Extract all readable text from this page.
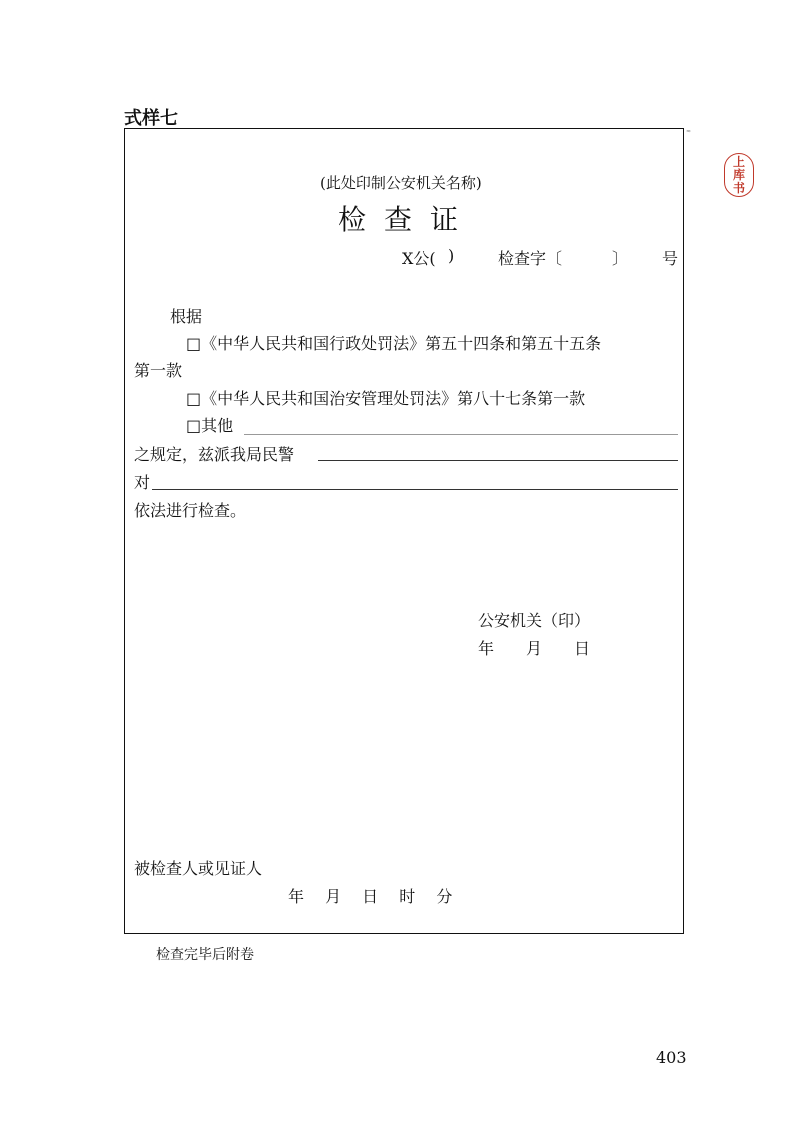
式样七
≈
上
库
书
(此处印制公安机关名称)
检查证
X公( )	检查字〔	〕 号
根据
□《中华人民共和国行政处罚法》第五十四条和第五十五条
第一款
□《中华人民共和国治安管理处罚法》第八十七条第一款
□其他
之规定，兹派我局民警
对
依法进行检查。
公安机关（印）
年　　月　　日
被检查人或见证人
年　 月　 日　 时　 分
检查完毕后附卷
403
